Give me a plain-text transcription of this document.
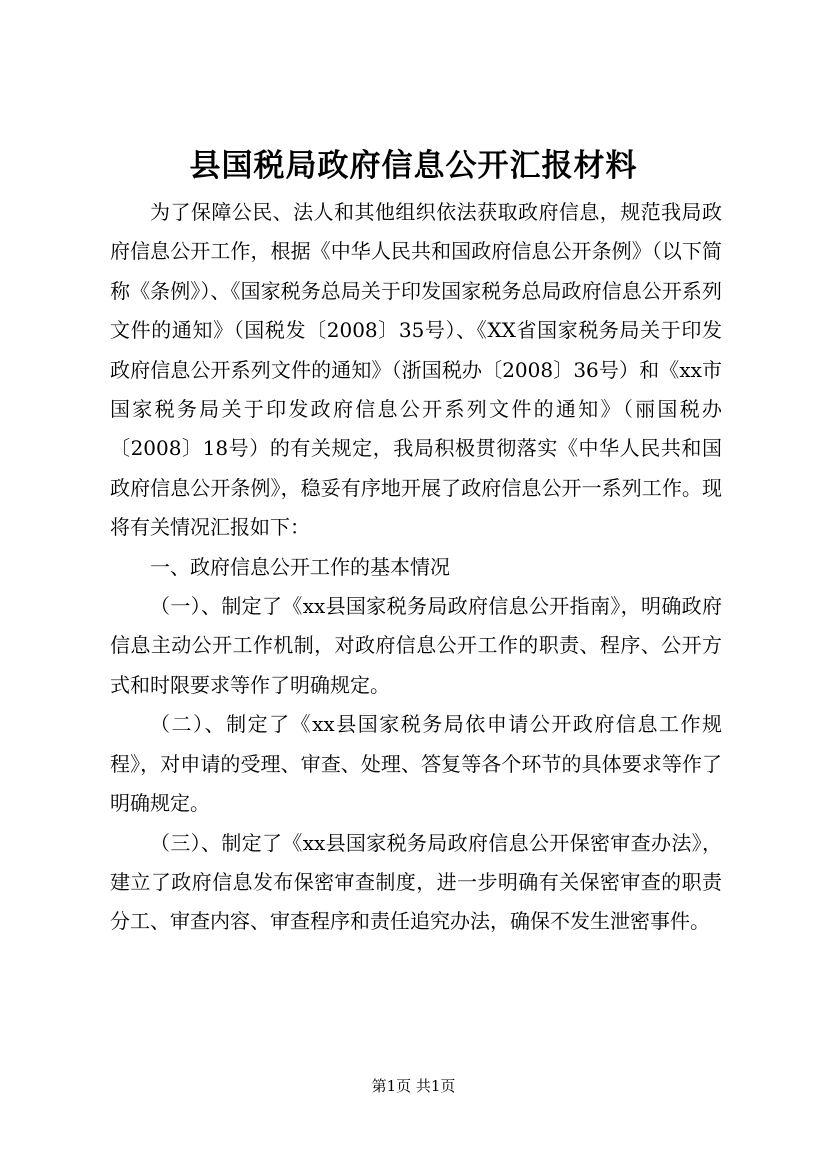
县国税局政府信息公开汇报材料

为了保障公民、法人和其他组织依法获取政府信息，规范我局政府信息公开工作，根据《中华人民共和国政府信息公开条例》（以下简称《条例》）、《国家税务总局关于印发国家税务总局政府信息公开系列文件的通知》（国税发〔2008〕35号）、《XX省国家税务局关于印发政府信息公开系列文件的通知》（浙国税办〔2008〕36号）和《xx市国家税务局关于印发政府信息公开系列文件的通知》（丽国税办〔2008〕18号）的有关规定，我局积极贯彻落实《中华人民共和国政府信息公开条例》，稳妥有序地开展了政府信息公开一系列工作。现将有关情况汇报如下：

一、政府信息公开工作的基本情况

（一）、制定了《xx县国家税务局政府信息公开指南》，明确政府信息主动公开工作机制，对政府信息公开工作的职责、程序、公开方式和时限要求等作了明确规定。

（二）、制定了《xx县国家税务局依申请公开政府信息工作规程》，对申请的受理、审查、处理、答复等各个环节的具体要求等作了明确规定。

（三）、制定了《xx县国家税务局政府信息公开保密审查办法》，建立了政府信息发布保密审查制度，进一步明确有关保密审查的职责分工、审查内容、审查程序和责任追究办法，确保不发生泄密事件。

第1页 共1页
